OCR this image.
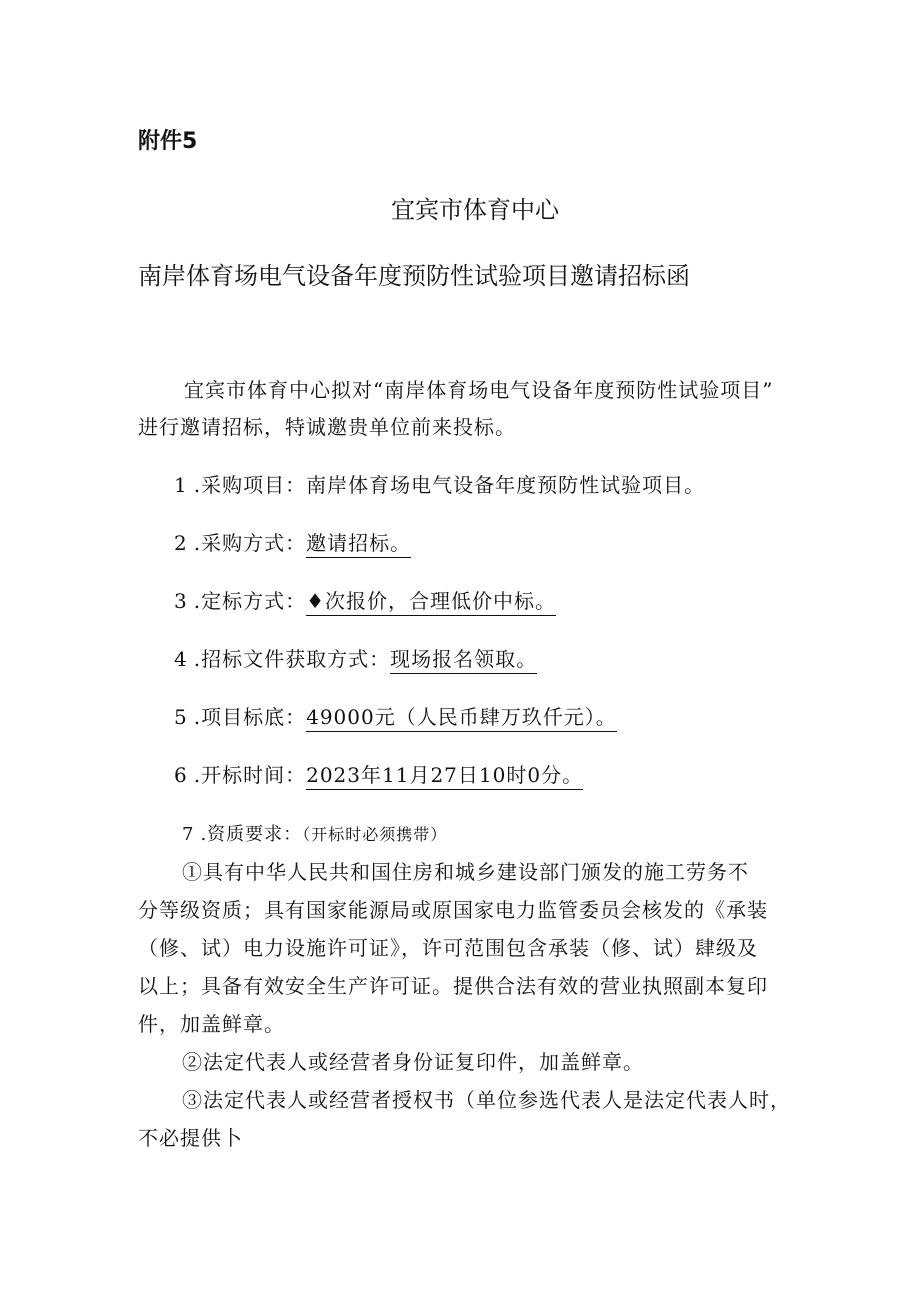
附件5
宜宾市体育中心
南岸体育场电气设备年度预防性试验项目邀请招标函
宜宾市体育中心拟对“南岸体育场电气设备年度预防性试验项目”
进行邀请招标，特诚邀贵单位前来投标。
1 .采购项目：南岸体育场电气设备年度预防性试验项目。
2 .采购方式：邀请招标。
3 .定标方式：♦次报价，合理低价中标。
4 .招标文件获取方式：现场报名领取。
5 .项目标底：49000元（人民币肆万玖仟元）。
6 .开标时间：2023年11月27日10时0分。
7 .资质要求：（开标时必须携带）
①具有中华人民共和国住房和城乡建设部门颁发的施工劳务不
分等级资质；具有国家能源局或原国家电力监管委员会核发的《承装
（修、试）电力设施许可证》，许可范围包含承装（修、试）肆级及
以上；具备有效安全生产许可证。提供合法有效的营业执照副本复印
件，加盖鲜章。
②法定代表人或经营者身份证复印件，加盖鲜章。
③法定代表人或经营者授权书（单位参选代表人是法定代表人时，
不必提供卜
